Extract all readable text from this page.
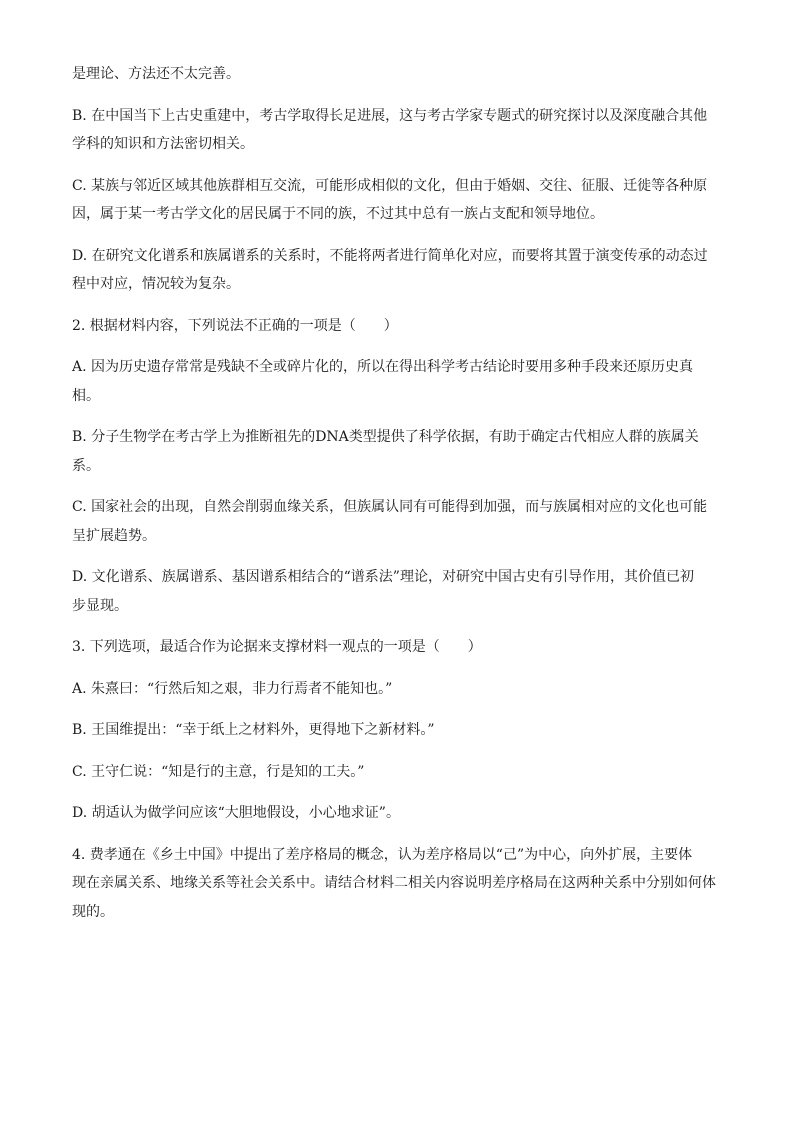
是理论、方法还不太完善。

B. 在中国当下上古史重建中，考古学取得长足进展，这与考古学家专题式的研究探讨以及深度融合其他
学科的知识和方法密切相关。

C. 某族与邻近区域其他族群相互交流，可能形成相似的文化，但由于婚姻、交往、征服、迁徙等各种原
因，属于某一考古学文化的居民属于不同的族，不过其中总有一族占支配和领导地位。

D. 在研究文化谱系和族属谱系的关系时，不能将两者进行简单化对应，而要将其置于演变传承的动态过
程中对应，情况较为复杂。

2. 根据材料内容，下列说法不正确的一项是（　　）

A. 因为历史遗存常常是残缺不全或碎片化的，所以在得出科学考古结论时要用多种手段来还原历史真
相。

B. 分子生物学在考古学上为推断祖先的DNA类型提供了科学依据，有助于确定古代相应人群的族属关
系。

C. 国家社会的出现，自然会削弱血缘关系，但族属认同有可能得到加强，而与族属相对应的文化也可能
呈扩展趋势。

D. 文化谱系、族属谱系、基因谱系相结合的“谱系法”理论，对研究中国古史有引导作用，其价值已初
步显现。

3. 下列选项，最适合作为论据来支撑材料一观点的一项是（　　）

A. 朱熹曰：“行然后知之艰，非力行焉者不能知也。”

B. 王国维提出：“幸于纸上之材料外，更得地下之新材料。”

C. 王守仁说：“知是行的主意，行是知的工夫。”

D. 胡适认为做学问应该“大胆地假设，小心地求证”。

4. 费孝通在《乡土中国》中提出了差序格局的概念，认为差序格局以“己”为中心，向外扩展，主要体
现在亲属关系、地缘关系等社会关系中。请结合材料二相关内容说明差序格局在这两种关系中分别如何体
现的。
